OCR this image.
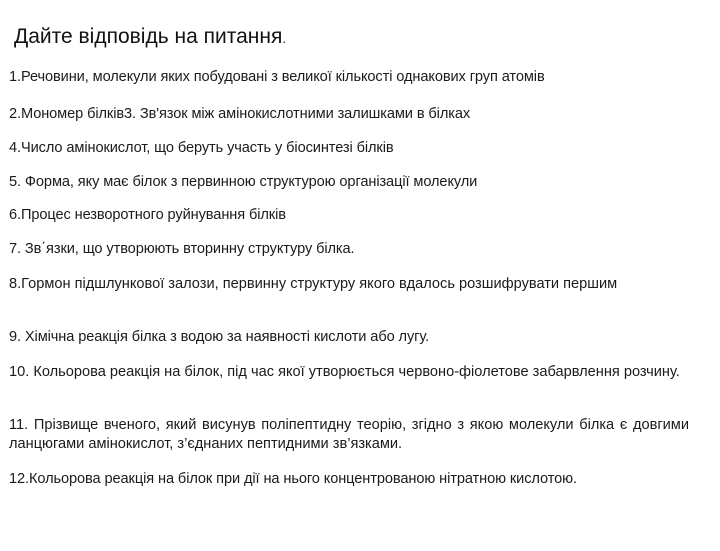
Дайте відповідь на питання.
1.Речовини, молекули яких побудовані з великої кількості однакових груп атомів
2.Мономер білків3. Зв'язок між амінокислотними залишками в білках
4.Число амінокислот, що беруть участь у біосинтезі білків
5. Форма, яку має білок з первинною структурою організації молекули
6.Процес незворотного руйнування білків
7. Зв΄язки, що утворюють вторинну структуру білка.
8.Гормон підшлункової залози, первинну структуру якого вдалось розшифрувати першим
9. Хімічна реакція білка з водою за наявності кислоти або лугу.
10. Кольорова реакція на білок, під час якої утворюється червоно-фіолетове забарвлення розчину.
11. Прізвище вченого, який висунув поліпептидну теорію, згідно з якою молекули білка є довгими ланцюгами амінокислот, з’єднаних пептидними зв’язками.
12.Кольорова реакція на білок при дії на нього концентрованою нітратною кислотою.
